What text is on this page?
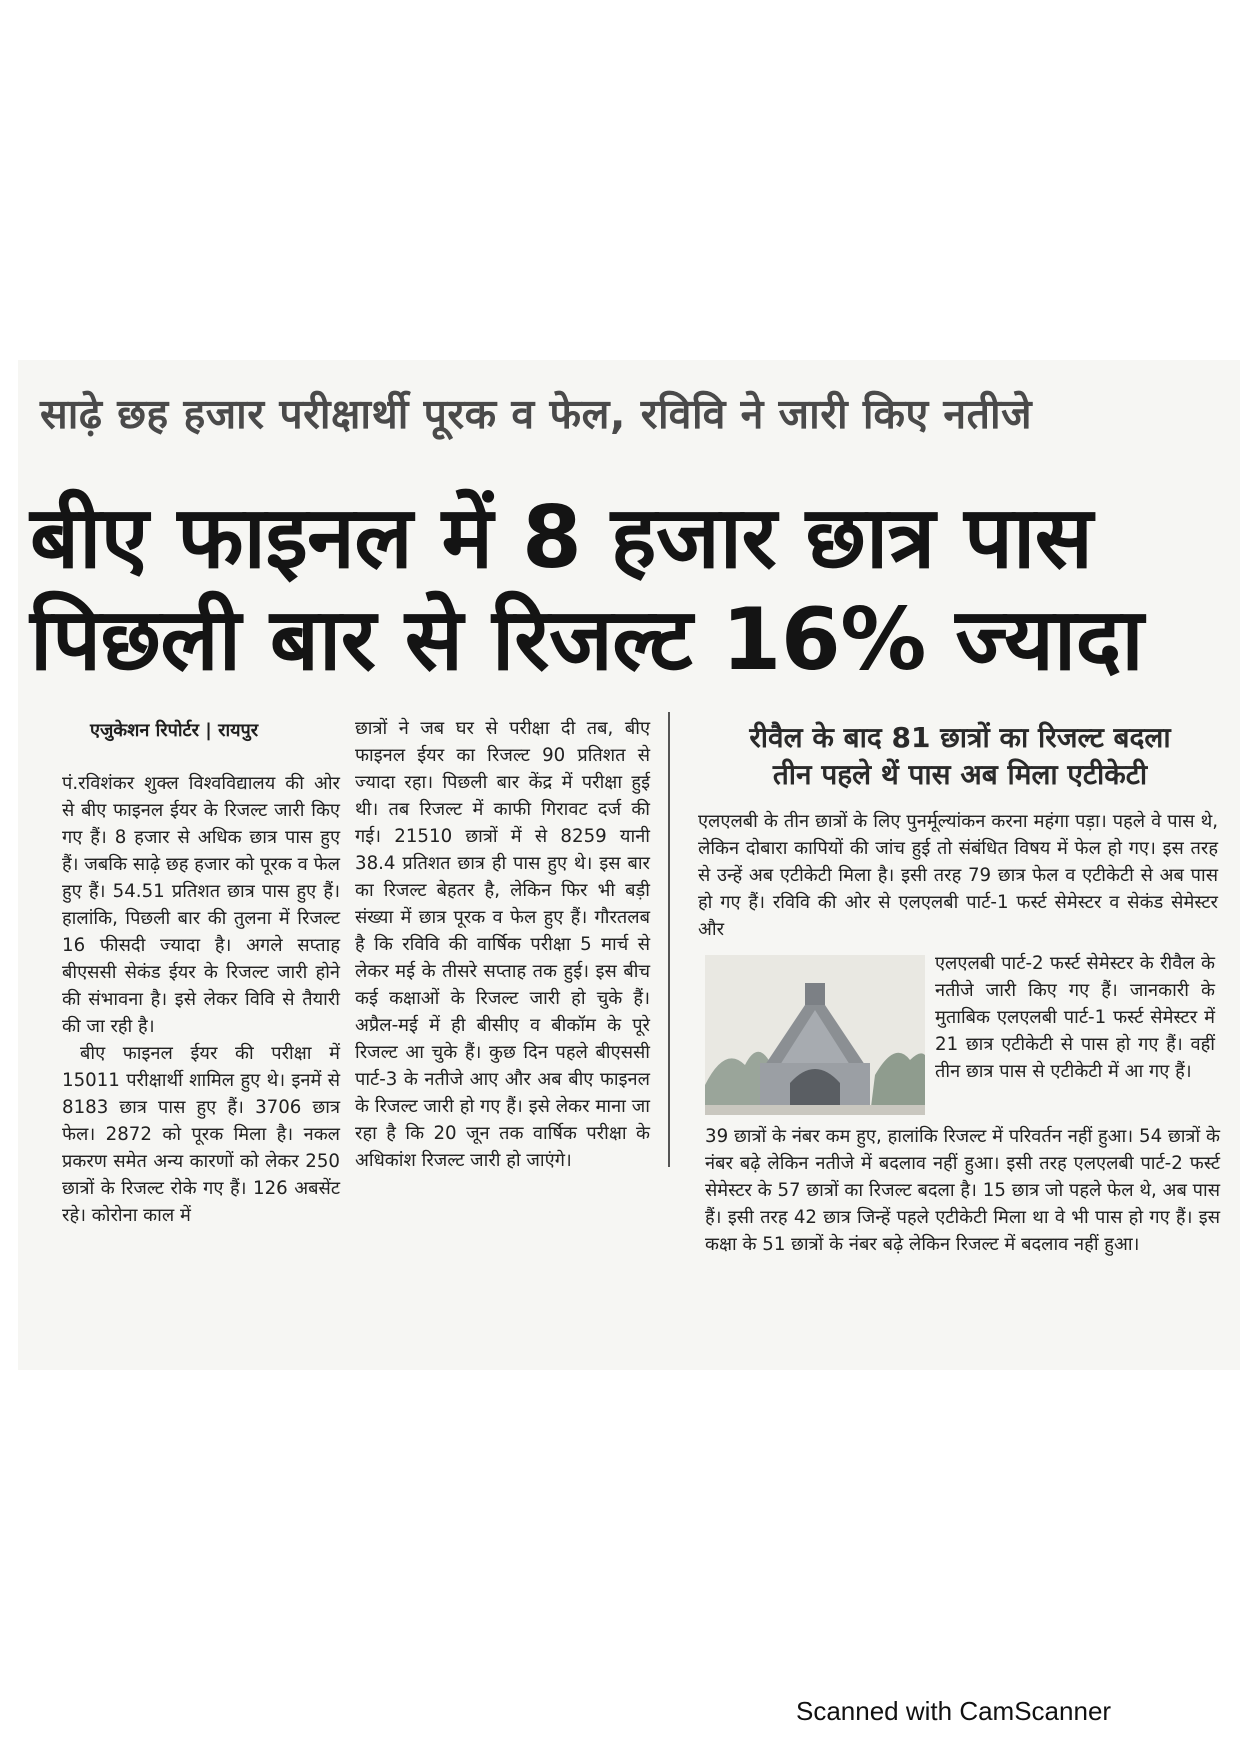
साढ़े छह हजार परीक्षार्थी पूरक व फेल, रविवि ने जारी किए नतीजे
बीए फाइनल में 8 हजार छात्र पास
पिछली बार से रिजल्ट 16% ज्यादा
एजुकेशन रिपोर्टर | रायपुर

पं.रविशंकर शुक्ल विश्वविद्यालय की ओर से बीए फाइनल ईयर के रिजल्ट जारी किए गए हैं। 8 हजार से अधिक छात्र पास हुए हैं। जबकि साढ़े छह हजार को पूरक व फेल हुए हैं। 54.51 प्रतिशत छात्र पास हुए हैं। हालांकि, पिछली बार की तुलना में रिजल्ट 16 फीसदी ज्यादा है। अगले सप्ताह बीएससी सेकंड ईयर के रिजल्ट जारी होने की संभावना है। इसे लेकर विवि से तैयारी की जा रही है।

बीए फाइनल ईयर की परीक्षा में 15011 परीक्षार्थी शामिल हुए थे। इनमें से 8183 छात्र पास हुए हैं। 3706 छात्र फेल। 2872 को पूरक मिला है। नकल प्रकरण समेत अन्य कारणों को लेकर 250 छात्रों के रिजल्ट रोके गए हैं। 126 अबसेंट रहे। कोरोना काल में

छात्रों ने जब घर से परीक्षा दी तब, बीए फाइनल ईयर का रिजल्ट 90 प्रतिशत से ज्यादा रहा। पिछली बार केंद्र में परीक्षा हुई थी। तब रिजल्ट में काफी गिरावट दर्ज की गई। 21510 छात्रों में से 8259 यानी 38.4 प्रतिशत छात्र ही पास हुए थे। इस बार का रिजल्ट बेहतर है, लेकिन फिर भी बड़ी संख्या में छात्र पूरक व फेल हुए हैं। गौरतलब है कि रविवि की वार्षिक परीक्षा 5 मार्च से लेकर मई के तीसरे सप्ताह तक हुई। इस बीच कई कक्षाओं के रिजल्ट जारी हो चुके हैं। अप्रैल-मई में ही बीसीए व बीकॉम के पूरे रिजल्ट आ चुके हैं। कुछ दिन पहले बीएससी पार्ट-3 के नतीजे आए और अब बीए फाइनल के रिजल्ट जारी हो गए हैं। इसे लेकर माना जा रहा है कि 20 जून तक वार्षिक परीक्षा के अधिकांश रिजल्ट जारी हो जाएंगे।

रीवैल के बाद 81 छात्रों का रिजल्ट बदला
तीन पहले थें पास अब मिला एटीकेटी
एलएलबी के तीन छात्रों के लिए पुनर्मूल्यांकन करना महंगा पड़ा। पहले वे पास थे, लेकिन दोबारा कापियों की जांच हुई तो संबंधित विषय में फेल हो गए। इस तरह से उन्हें अब एटीकेटी मिला है। इसी तरह 79 छात्र फेल व एटीकेटी से अब पास हो गए हैं। रविवि की ओर से एलएलबी पार्ट-1 फर्स्ट सेमेस्टर व सेकंड सेमेस्टर और
एलएलबी पार्ट-2 फर्स्ट सेमेस्टर के रीवैल के नतीजे जारी किए गए हैं। जानकारी के मुताबिक एलएलबी पार्ट-1 फर्स्ट सेमेस्टर में 21 छात्र एटीकेटी से पास हो गए हैं। वहीं तीन छात्र पास से एटीकेटी में आ गए हैं।
39 छात्रों के नंबर कम हुए, हालांकि रिजल्ट में परिवर्तन नहीं हुआ। 54 छात्रों के नंबर बढ़े लेकिन नतीजे में बदलाव नहीं हुआ। इसी तरह एलएलबी पार्ट-2 फर्स्ट सेमेस्टर के 57 छात्रों का रिजल्ट बदला है। 15 छात्र जो पहले फेल थे, अब पास हैं। इसी तरह 42 छात्र जिन्हें पहले एटीकेटी मिला था वे भी पास हो गए हैं। इस कक्षा के 51 छात्रों के नंबर बढ़े लेकिन रिजल्ट में बदलाव नहीं हुआ।
Scanned with CamScanner
